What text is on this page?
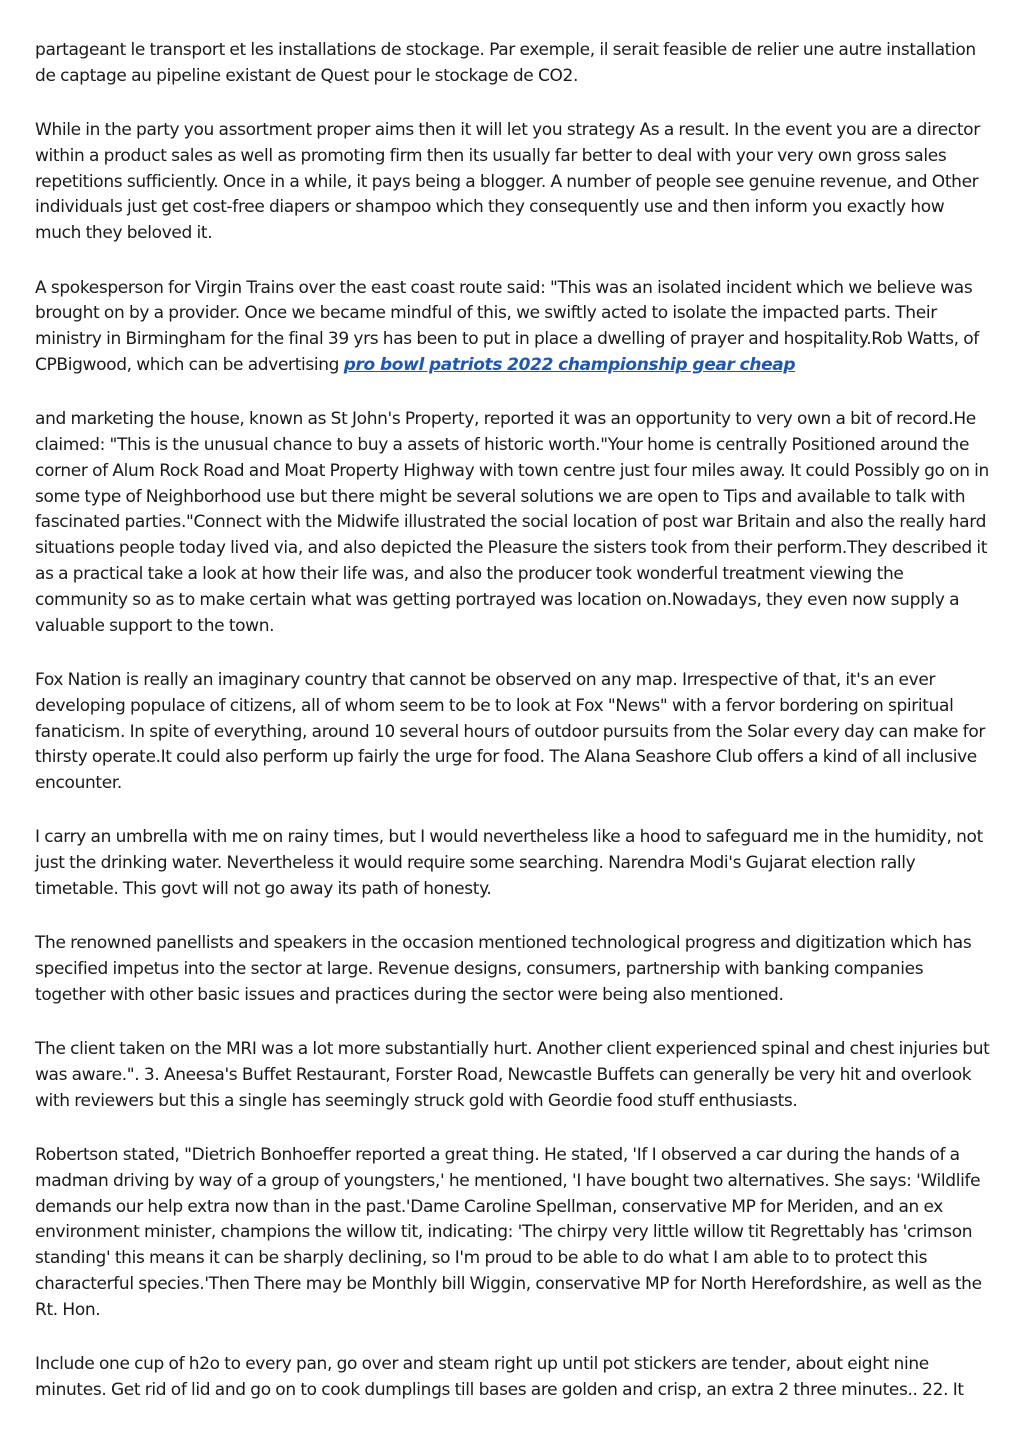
partageant le transport et les installations de stockage. Par exemple, il serait feasible de relier une autre installation de captage au pipeline existant de Quest pour le stockage de CO2.

While in the party you assortment proper aims then it will let you strategy As a result. In the event you are a director within a product sales as well as promoting firm then its usually far better to deal with your very own gross sales repetitions sufficiently. Once in a while, it pays being a blogger. A number of people see genuine revenue, and Other individuals just get cost-free diapers or shampoo which they consequently use and then inform you exactly how much they beloved it.

A spokesperson for Virgin Trains over the east coast route said: "This was an isolated incident which we believe was brought on by a provider. Once we became mindful of this, we swiftly acted to isolate the impacted parts. Their ministry in Birmingham for the final 39 yrs has been to put in place a dwelling of prayer and hospitality.Rob Watts, of CPBigwood, which can be advertising pro bowl patriots 2022 championship gear cheap

and marketing the house, known as St John's Property, reported it was an opportunity to very own a bit of record.He claimed: "This is the unusual chance to buy a assets of historic worth."Your home is centrally Positioned around the corner of Alum Rock Road and Moat Property Highway with town centre just four miles away. It could Possibly go on in some type of Neighborhood use but there might be several solutions we are open to Tips and available to talk with fascinated parties."Connect with the Midwife illustrated the social location of post war Britain and also the really hard situations people today lived via, and also depicted the Pleasure the sisters took from their perform.They described it as a practical take a look at how their life was, and also the producer took wonderful treatment viewing the community so as to make certain what was getting portrayed was location on.Nowadays, they even now supply a valuable support to the town.

Fox Nation is really an imaginary country that cannot be observed on any map. Irrespective of that, it's an ever developing populace of citizens, all of whom seem to be to look at Fox "News" with a fervor bordering on spiritual fanaticism. In spite of everything, around 10 several hours of outdoor pursuits from the Solar every day can make for thirsty operate.It could also perform up fairly the urge for food. The Alana Seashore Club offers a kind of all inclusive encounter.

I carry an umbrella with me on rainy times, but I would nevertheless like a hood to safeguard me in the humidity, not just the drinking water. Nevertheless it would require some searching. Narendra Modi's Gujarat election rally timetable. This govt will not go away its path of honesty.

The renowned panellists and speakers in the occasion mentioned technological progress and digitization which has specified impetus into the sector at large. Revenue designs, consumers, partnership with banking companies together with other basic issues and practices during the sector were being also mentioned.

The client taken on the MRI was a lot more substantially hurt. Another client experienced spinal and chest injuries but was aware.". 3. Aneesa's Buffet Restaurant, Forster Road, Newcastle Buffets can generally be very hit and overlook with reviewers but this a single has seemingly struck gold with Geordie food stuff enthusiasts.

Robertson stated, "Dietrich Bonhoeffer reported a great thing. He stated, 'If I observed a car during the hands of a madman driving by way of a group of youngsters,' he mentioned, 'I have bought two alternatives. She says: 'Wildlife demands our help extra now than in the past.'Dame Caroline Spellman, conservative MP for Meriden, and an ex environment minister, champions the willow tit, indicating: 'The chirpy very little willow tit Regrettably has 'crimson standing' this means it can be sharply declining, so I'm proud to be able to do what I am able to to protect this characterful species.'Then There may be Monthly bill Wiggin, conservative MP for North Herefordshire, as well as the Rt. Hon.

Include one cup of h2o to every pan, go over and steam right up until pot stickers are tender, about eight nine minutes. Get rid of lid and go on to cook dumplings till bases are golden and crisp, an extra 2 three minutes.. 22. It
